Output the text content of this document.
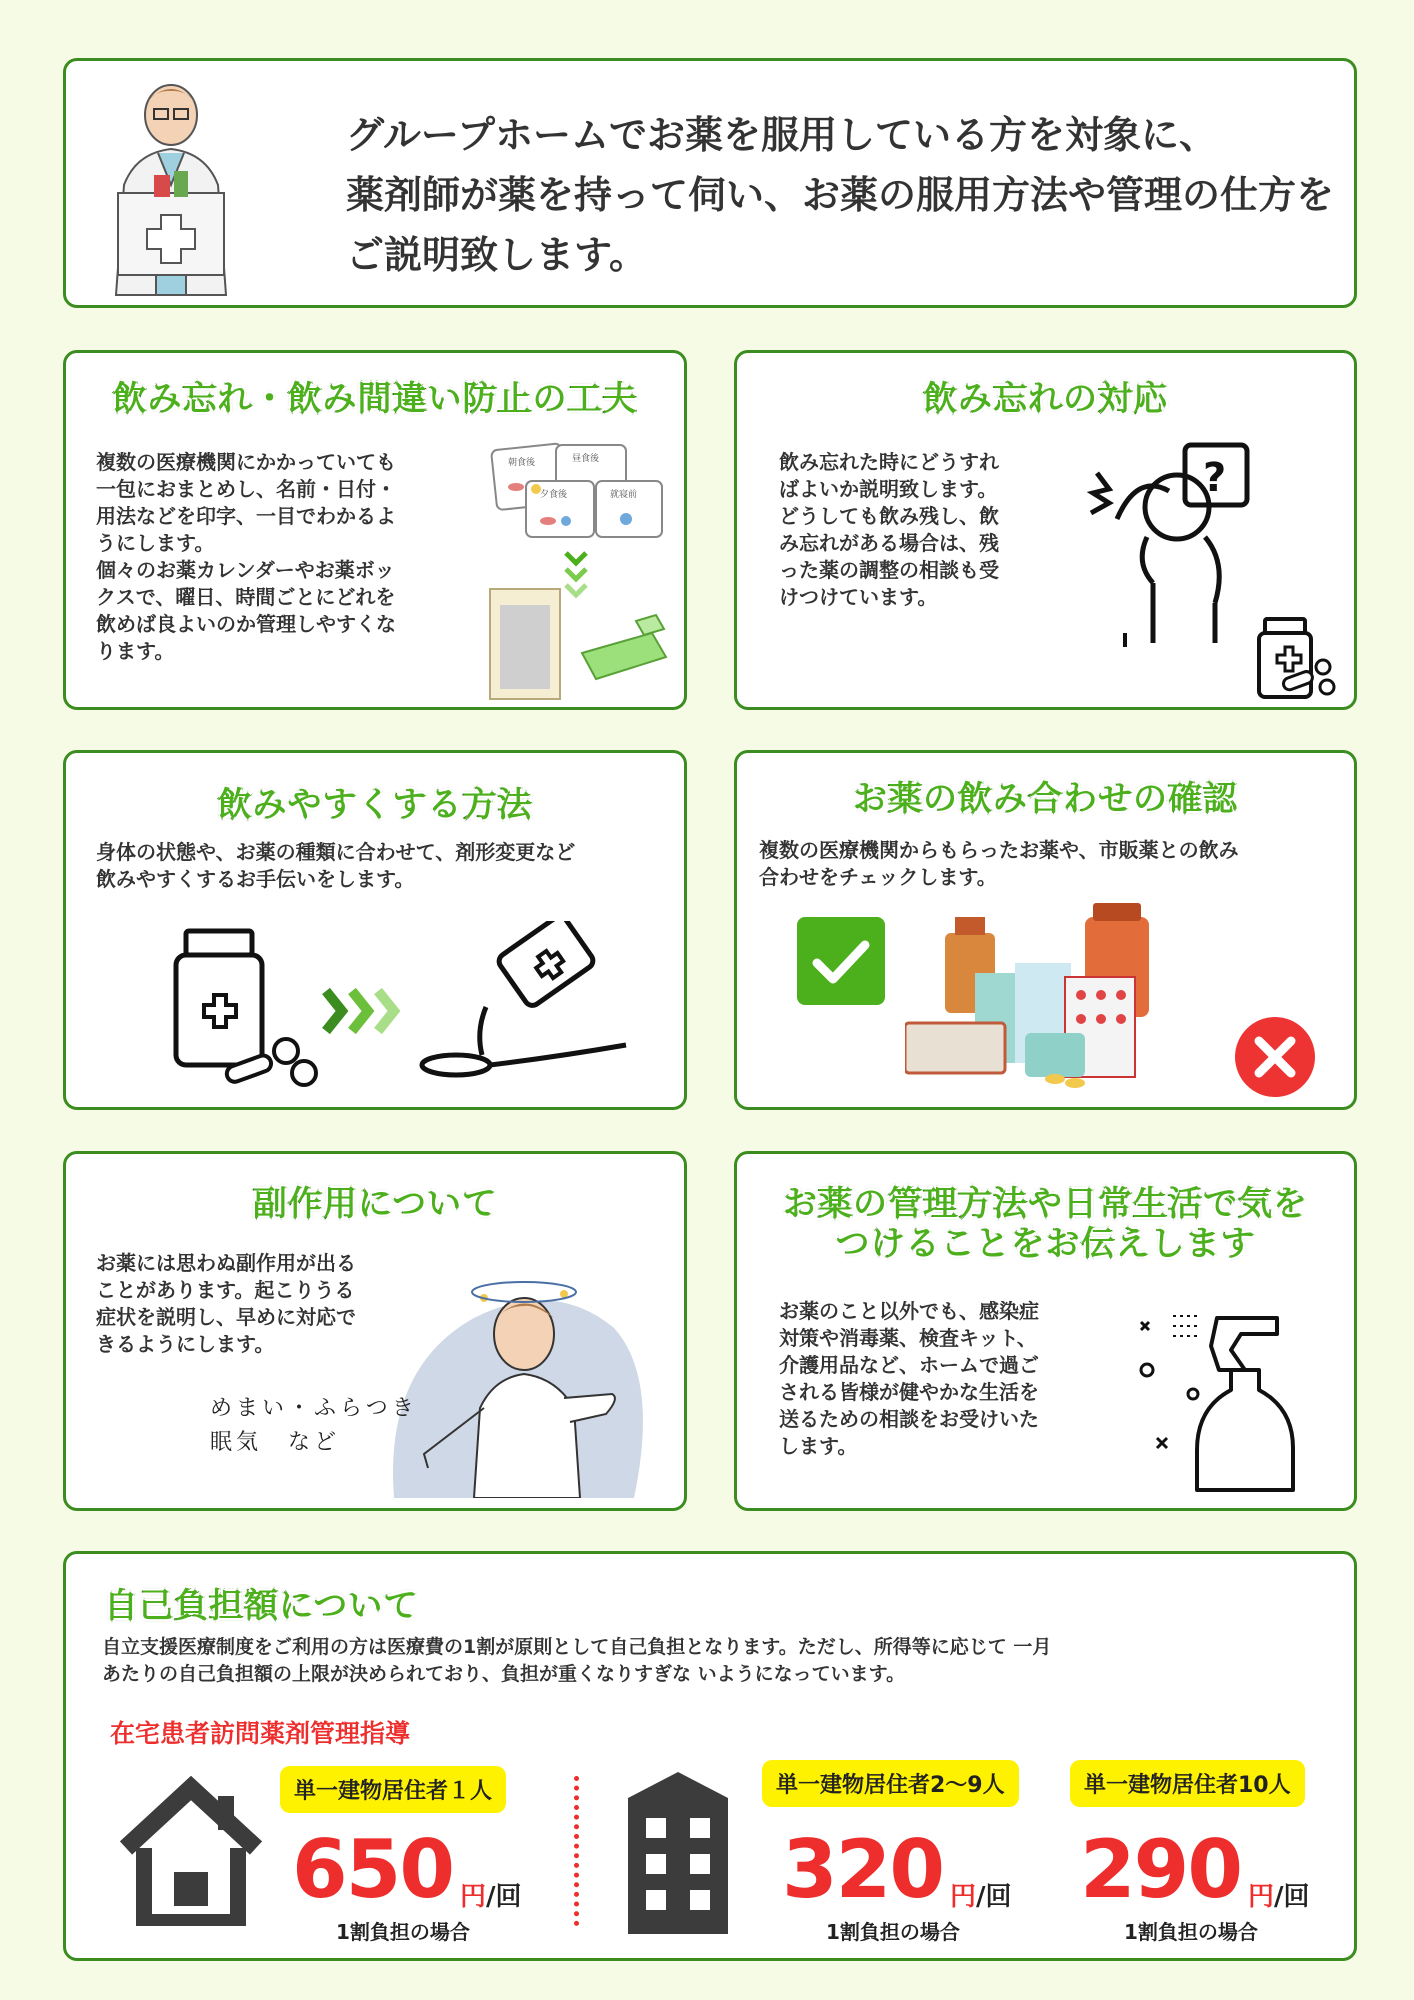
グループホームでお薬を服用している方を対象に、
薬剤師が薬を持って伺い、お薬の服用方法や管理の仕方を
ご説明致します。
飲み忘れ・飲み間違い防止の工夫
複数の医療機関にかかっていても
一包におまとめし、名前・日付・
用法などを印字、一目でわかるよ
うにします。
個々のお薬カレンダーやお薬ボッ
クスで、曜日、時間ごとにどれを
飲めば良よいのか管理しやすくな
ります。
朝食後	昼食後
夕食後	就寝前
飲み忘れの対応
飲み忘れた時にどうすれ
ばよいか説明致します。
どうしても飲み残し、飲
み忘れがある場合は、残
った薬の調整の相談も受
けつけています。
?
飲みやすくする方法
身体の状態や、お薬の種類に合わせて、剤形変更など
飲みやすくするお手伝いをします。
お薬の飲み合わせの確認
複数の医療機関からもらったお薬や、市販薬との飲み
合わせをチェックします。
副作用について
お薬には思わぬ副作用が出る
ことがあります。起こりうる
症状を説明し、早めに対応で
きるようにします。
めまい・ふらつき
眠気　など
お薬の管理方法や日常生活で気を
つけることをお伝えします
お薬のこと以外でも、感染症
対策や消毒薬、検査キット、
介護用品など、ホームで過ご
される皆様が健やかな生活を
送るための相談をお受けいた
します。
自己負担額について
自立支援医療制度をご利用の方は医療費の1割が原則として自己負担となります。ただし、所得等に応じて 一月
あたりの自己負担額の上限が決められており、負担が重くなりすぎな いようになっています。
在宅患者訪問薬剤管理指導
単一建物居住者１人
650 円/回
1割負担の場合
単一建物居住者2〜9人
320 円/回
1割負担の場合
単一建物居住者10人
290 円/回
1割負担の場合
